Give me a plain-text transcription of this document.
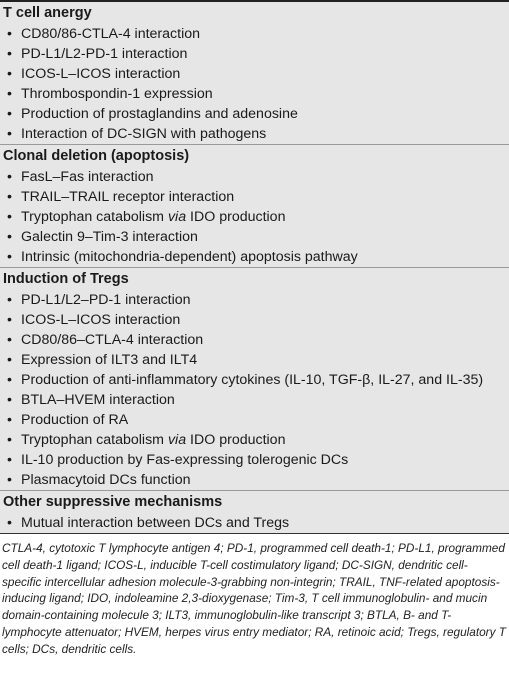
T cell anergy
• CD80/86-CTLA-4 interaction
• PD-L1/L2-PD-1 interaction
• ICOS-L–ICOS interaction
• Thrombospondin-1 expression
• Production of prostaglandins and adenosine
• Interaction of DC-SIGN with pathogens
Clonal deletion (apoptosis)
• FasL–Fas interaction
• TRAIL–TRAIL receptor interaction
• Tryptophan catabolism via IDO production
• Galectin 9–Tim-3 interaction
• Intrinsic (mitochondria-dependent) apoptosis pathway
Induction of Tregs
• PD-L1/L2–PD-1 interaction
• ICOS-L–ICOS interaction
• CD80/86–CTLA-4 interaction
• Expression of ILT3 and ILT4
• Production of anti-inflammatory cytokines (IL-10, TGF-β, IL-27, and IL-35)
• BTLA–HVEM interaction
• Production of RA
• Tryptophan catabolism via IDO production
• IL-10 production by Fas-expressing tolerogenic DCs
• Plasmacytoid DCs function
Other suppressive mechanisms
• Mutual interaction between DCs and Tregs
CTLA-4, cytotoxic T lymphocyte antigen 4; PD-1, programmed cell death-1; PD-L1, programmed cell death-1 ligand; ICOS-L, inducible T-cell costimulatory ligand; DC-SIGN, dendritic cell-specific intercellular adhesion molecule-3-grabbing non-integrin; TRAIL, TNF-related apoptosis-inducing ligand; IDO, indoleamine 2,3-dioxygenase; Tim-3, T cell immunoglobulin- and mucin domain-containing molecule 3; ILT3, immunoglobulin-like transcript 3; BTLA, B- and T-lymphocyte attenuator; HVEM, herpes virus entry mediator; RA, retinoic acid; Tregs, regulatory T cells; DCs, dendritic cells.
